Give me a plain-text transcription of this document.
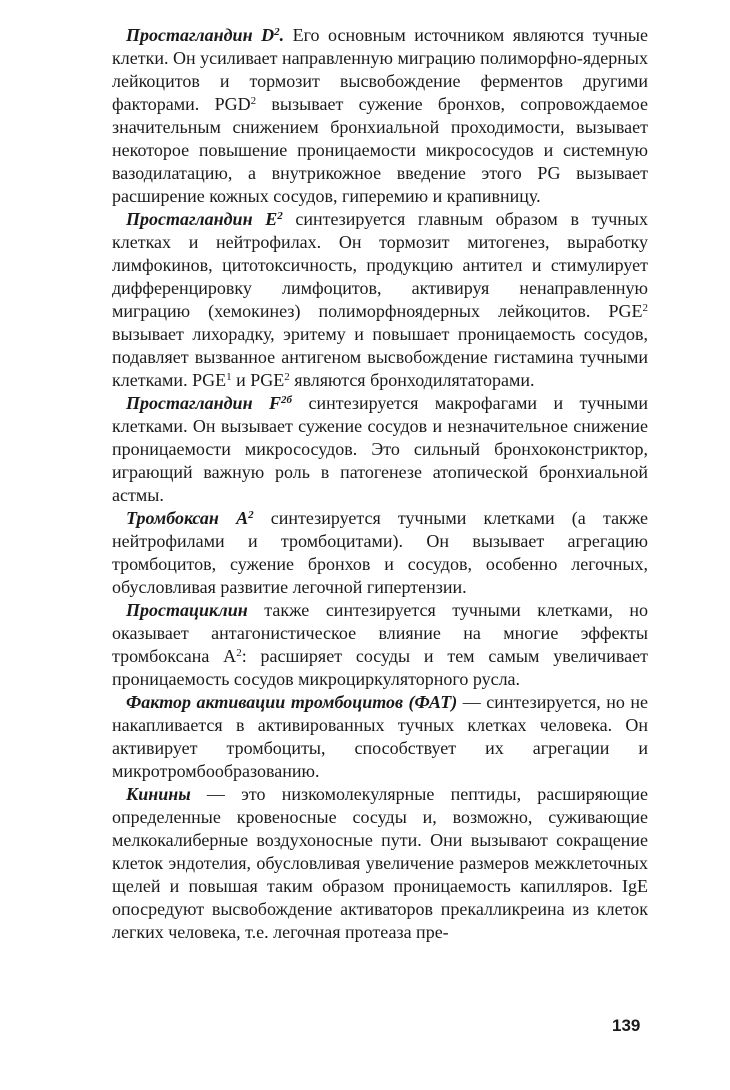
Простагландин $D^2$. Его основным источником являются тучные клетки. Он усиливает направленную миграцию полиморфно-ядерных лейкоцитов и тормозит высвобождение ферментов другими факторами. PGD$^2$ вызывает сужение бронхов, сопровождаемое значительным снижением бронхиальной проходимости, вызывает некоторое повышение проницаемости микрососудов и системную вазодилатацию, а внутрикожное введение этого PG вызывает расширение кожных сосудов, гиперемию и крапивницу.

Простагландин $E^2$ синтезируется главным образом в тучных клетках и нейтрофилах. Он тормозит митогенез, выработку лимфокинов, цитотоксичность, продукцию антител и стимулирует дифференцировку лимфоцитов, активируя ненаправленную миграцию (хемокинез) полиморфноядерных лейкоцитов. PGE$^2$ вызывает лихорадку, эритему и повышает проницаемость сосудов, подавляет вызванное антигеном высвобождение гистамина тучными клетками. PGE$^1$ и PGE$^2$ являются бронходилятаторами.

Простагландин $F^{2б}$ синтезируется макрофагами и тучными клетками. Он вызывает сужение сосудов и незначительное снижение проницаемости микрососудов. Это сильный бронхоконстриктор, играющий важную роль в патогенезе атопической бронхиальной астмы.

Тромбоксан $A^2$ синтезируется тучными клетками (а также нейтрофилами и тромбоцитами). Он вызывает агрегацию тромбоцитов, сужение бронхов и сосудов, особенно легочных, обусловливая развитие легочной гипертензии.

Простациклин также синтезируется тучными клетками, но оказывает антагонистическое влияние на многие эффекты тромбоксана $А^2$: расширяет сосуды и тем самым увеличивает проницаемость сосудов микроциркуляторного русла.

Фактор активации тромбоцитов (ФАТ) — синтезируется, но не накапливается в активированных тучных клетках человека. Он активирует тромбоциты, способствует их агрегации и микротромбообразованию.

Кинины — это низкомолекулярные пептиды, расширяющие определенные кровеносные сосуды и, возможно, суживающие мелкокалиберные воздухоносные пути. Они вызывают сокращение клеток эндотелия, обусловливая увеличение размеров межклеточных щелей и повышая таким образом проницаемость капилляров. IgE опосредуют высвобождение активаторов прекалликреина из клеток легких человека, т.е. легочная протеаза пре-

139
